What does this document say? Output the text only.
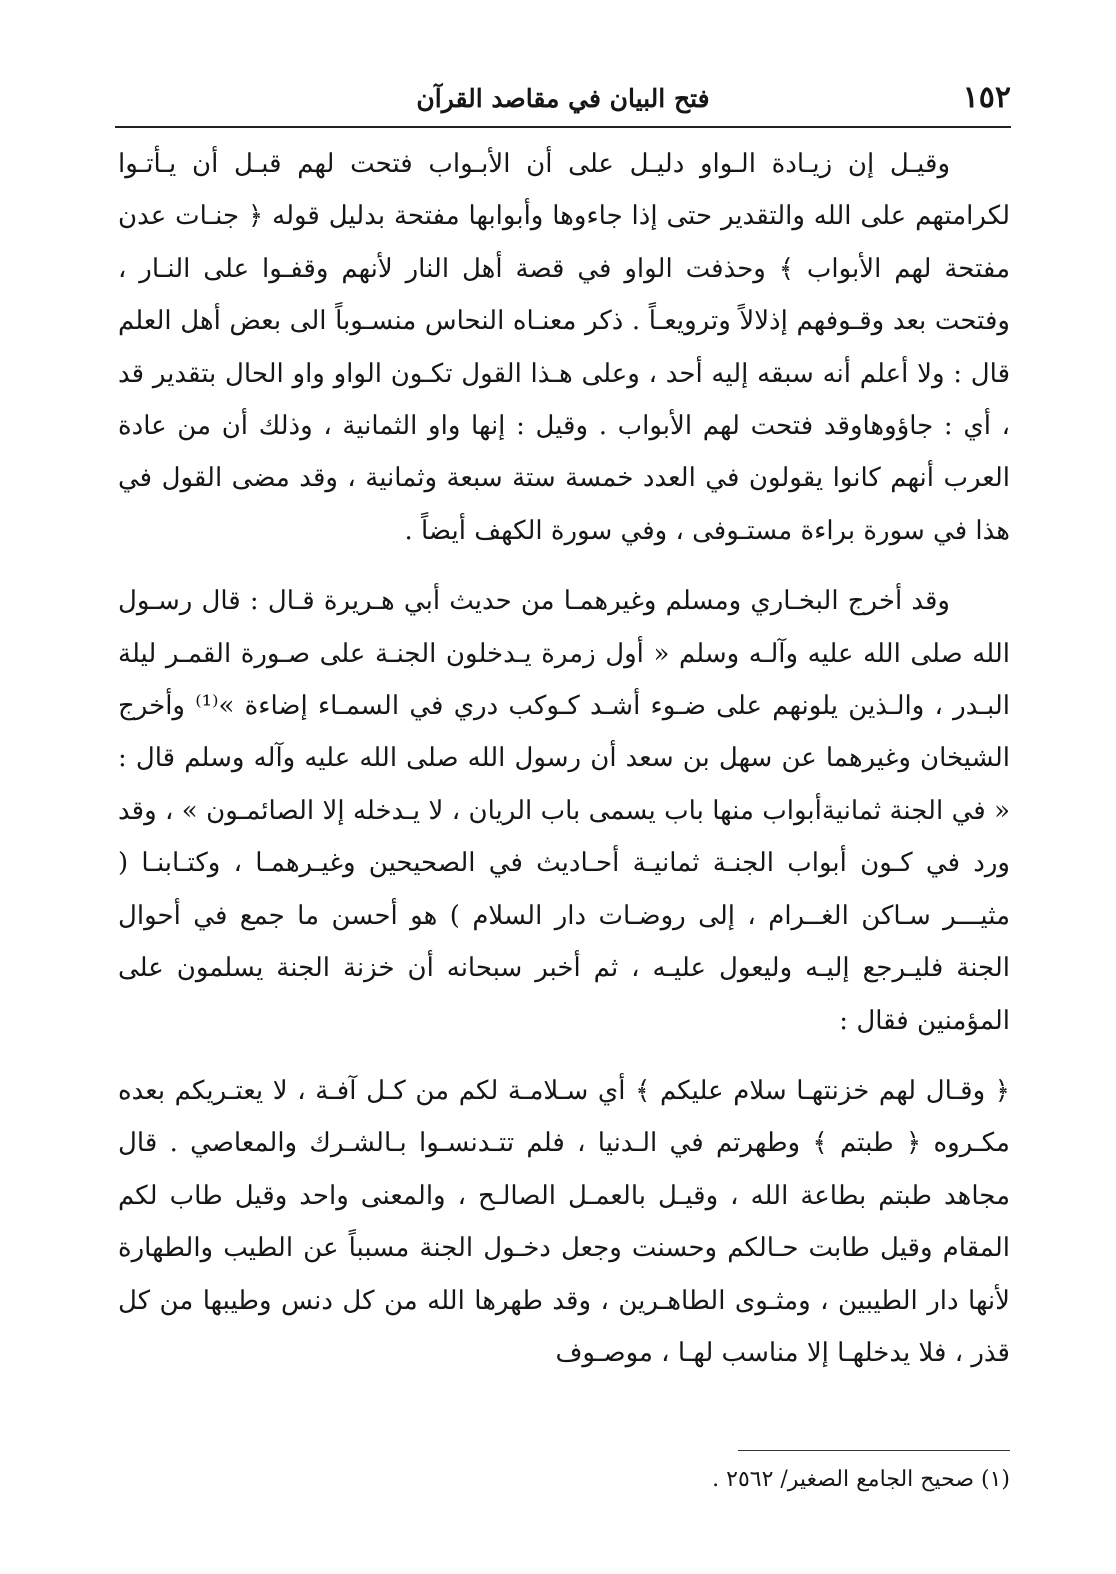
١٥٢
فتح البيان في مقاصد القرآن

وقيـل إن زيـادة الـواو دليـل على أن الأبـواب فتحت لهم قبـل أن يـأتـوا لكرامتهم على الله والتقدير حتى إذا جاءوها وأبوابها مفتحة بدليل قوله ﴿ جنـات عدن مفتحة لهم الأبواب ﴾ وحذفت الواو في قصة أهل النار لأنهم وقفـوا على النـار ، وفتحت بعد وقـوفهم إذلالاً وترويعـاً . ذكر معنـاه النحاس منسـوباً الى بعض أهل العلم قال : ولا أعلم أنه سبقه إليه أحد ، وعلى هـذا القول تكـون الواو واو الحال بتقدير قد ، أي : جاؤوهاوقد فتحت لهم الأبواب . وقيل : إنها واو الثمانية ، وذلك أن من عادة العرب أنهم كانوا يقولون في العدد خمسة ستة سبعة وثمانية ، وقد مضى القول في هذا في سورة براءة مستـوفى ، وفي سورة الكهف أيضاً .

وقد أخرج البخـاري ومسلم وغيرهمـا من حديث أبي هـريرة قـال : قال رسـول الله صلى الله عليه وآلـه وسلم « أول زمرة يـدخلون الجنـة على صـورة القمـر ليلة البـدر ، والـذين يلونهم على ضـوء أشـد كـوكب دري في السمـاء إضاءة »⁽¹⁾ وأخرج الشيخان وغيرهما عن سهل بن سعد أن رسول الله صلى الله عليه وآله وسلم قال : « في الجنة ثمانيةأبواب منها باب يسمى باب الريان ، لا يـدخله إلا الصائمـون » ، وقد ورد في كـون أبواب الجنـة ثمانيـة أحـاديث في الصحيحين وغيـرهمـا ، وكتـابنـا ( مثيـــر سـاكن الغــرام ، إلى روضـات دار السلام ) هو أحسن ما جمع في أحوال الجنة فليـرجع إليـه وليعول عليـه ، ثم أخبر سبحانه أن خزنة الجنة يسلمون على المؤمنين فقال :

﴿ وقـال لهم خزنتهـا سلام عليكم ﴾ أي سـلامـة لكم من كـل آفـة ، لا يعتـريكم بعده مكـروه ﴿ طبتم ﴾ وطهرتم في الـدنيا ، فلم تتـدنسـوا بـالشـرك والمعاصي . قال مجاهد طبتم بطاعة الله ، وقيـل بالعمـل الصالـح ، والمعنى واحد وقيل طاب لكم المقام وقيل طابت حـالكم وحسنت وجعل دخـول الجنة مسبباً عن الطيب والطهارة لأنها دار الطيبين ، ومثـوى الطاهـرين ، وقد طهرها الله من كل دنس وطيبها من كل قذر ، فلا يدخلهـا إلا مناسب لهـا ، موصـوف

(١) صحيح الجامع الصغير/ ٢٥٦٢ .
